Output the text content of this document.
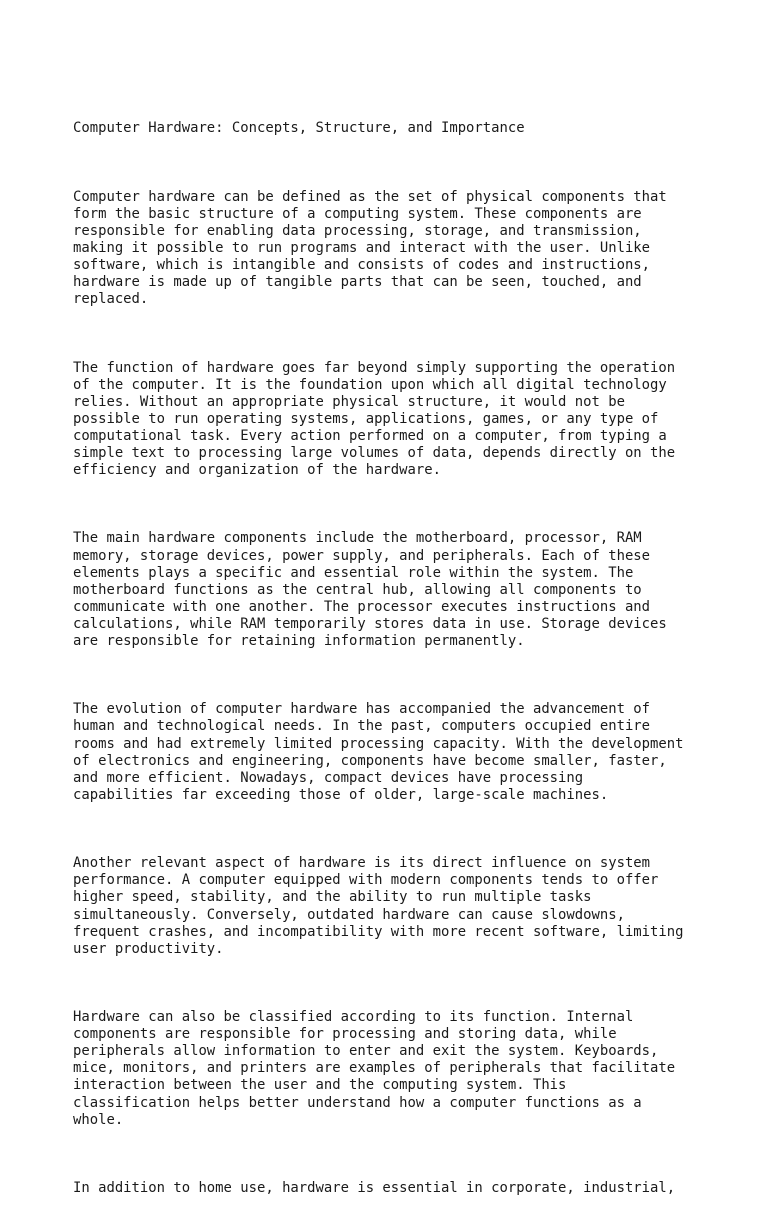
Computer Hardware: Concepts, Structure, and Importance

Computer hardware can be defined as the set of physical components that
form the basic structure of a computing system. These components are
responsible for enabling data processing, storage, and transmission,
making it possible to run programs and interact with the user. Unlike
software, which is intangible and consists of codes and instructions,
hardware is made up of tangible parts that can be seen, touched, and
replaced.

The function of hardware goes far beyond simply supporting the operation
of the computer. It is the foundation upon which all digital technology
relies. Without an appropriate physical structure, it would not be
possible to run operating systems, applications, games, or any type of
computational task. Every action performed on a computer, from typing a
simple text to processing large volumes of data, depends directly on the
efficiency and organization of the hardware.

The main hardware components include the motherboard, processor, RAM
memory, storage devices, power supply, and peripherals. Each of these
elements plays a specific and essential role within the system. The
motherboard functions as the central hub, allowing all components to
communicate with one another. The processor executes instructions and
calculations, while RAM temporarily stores data in use. Storage devices
are responsible for retaining information permanently.

The evolution of computer hardware has accompanied the advancement of
human and technological needs. In the past, computers occupied entire
rooms and had extremely limited processing capacity. With the development
of electronics and engineering, components have become smaller, faster,
and more efficient. Nowadays, compact devices have processing
capabilities far exceeding those of older, large-scale machines.

Another relevant aspect of hardware is its direct influence on system
performance. A computer equipped with modern components tends to offer
higher speed, stability, and the ability to run multiple tasks
simultaneously. Conversely, outdated hardware can cause slowdowns,
frequent crashes, and incompatibility with more recent software, limiting
user productivity.

Hardware can also be classified according to its function. Internal
components are responsible for processing and storing data, while
peripherals allow information to enter and exit the system. Keyboards,
mice, monitors, and printers are examples of peripherals that facilitate
interaction between the user and the computing system. This
classification helps better understand how a computer functions as a
whole.

In addition to home use, hardware is essential in corporate, industrial,
